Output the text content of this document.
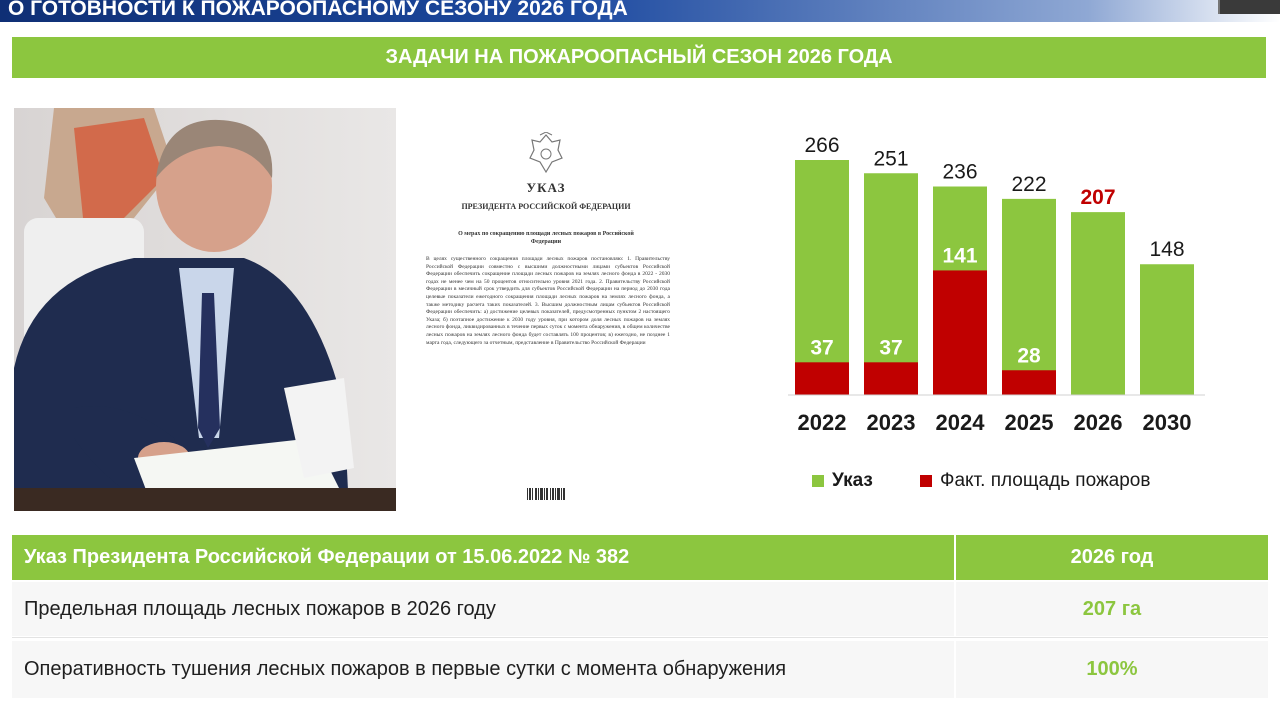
О ГОТОВНОСТИ К ПОЖАРООПАСНОМУ СЕЗОНУ 2026 ГОДА
ЗАДАЧИ НА ПОЖАРООПАСНЫЙ СЕЗОН 2026 ГОДА
УКАЗ
ПРЕЗИДЕНТА РОССИЙСКОЙ ФЕДЕРАЦИИ
О мерах по сокращению площади лесных пожаров в Российской Федерации
В целях существенного сокращения площади лесных пожаров постановляю: 1. Правительству Российской Федерации совместно с высшими должностными лицами субъектов Российской Федерации обеспечить сокращение площади лесных пожаров на землях лесного фонда в 2022 - 2030 годах не менее чем на 50 процентов относительно уровня 2021 года. 2. Правительству Российской Федерации в месячный срок утвердить для субъектов Российской Федерации на период до 2030 года целевые показатели ежегодного сокращения площади лесных пожаров на землях лесного фонда, а также методику расчета таких показателей. 3. Высшим должностным лицам субъектов Российской Федерации обеспечить: а) достижение целевых показателей, предусмотренных пунктом 2 настоящего Указа; б) поэтапное достижение к 2030 году уровня, при котором доля лесных пожаров на землях лесного фонда, ликвидированных в течение первых суток с момента обнаружения, в общем количестве лесных пожаров на землях лесного фонда будет составлять 100 процентов; в) ежегодно, не позднее 1 марта года, следующего за отчетным, представление в Правительство Российской Федерации
266
37
2022
251
37
2023
236
141
2024
222
28
2025
207
2026
148
2030
Указ	Факт. площадь пожаров
Указ Президента Российской Федерации от 15.06.2022 № 382	2026 год
Предельная площадь лесных пожаров в 2026 году	207 га
Оперативность тушения лесных пожаров в первые сутки с момента обнаружения	100%
